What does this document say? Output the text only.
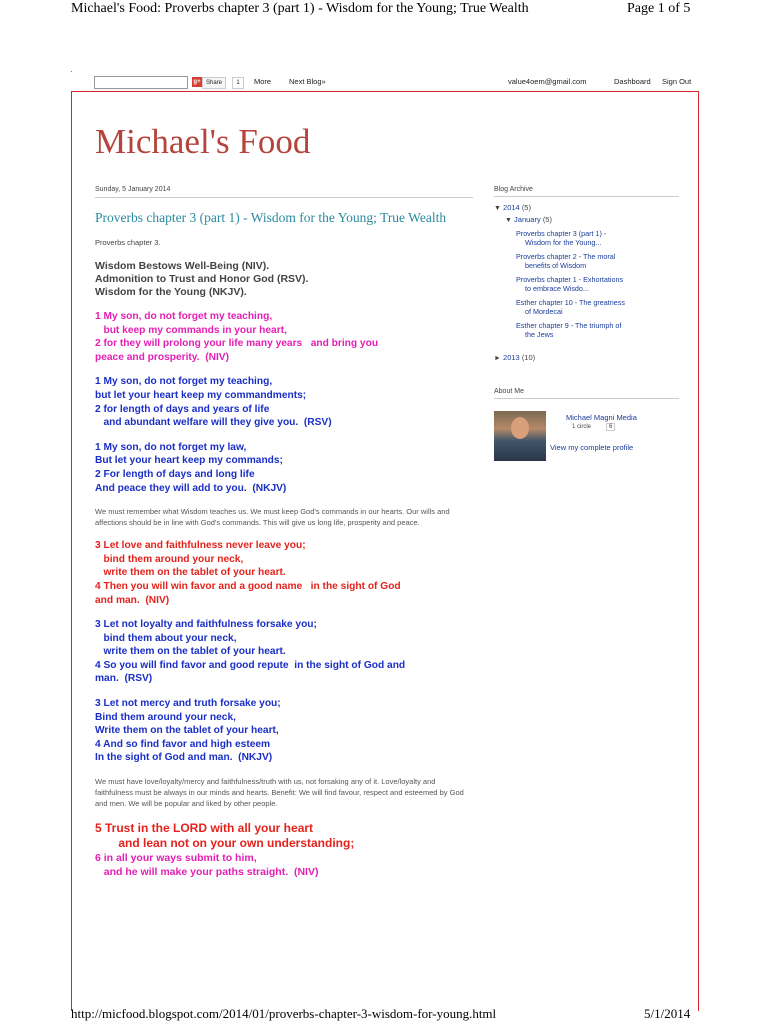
Michael's Food: Proverbs chapter 3 (part 1) - Wisdom for the Young; True Wealth	Page 1 of 5
·
g+ Share	1	More Next Blog»	value4oem@gmail.com	Dashboard Sign Out
Michael's Food
Sunday, 5 January 2014
Proverbs chapter 3 (part 1) - Wisdom for the Young; True Wealth
Proverbs chapter 3.
Wisdom Bestows Well-Being (NIV).
Admonition to Trust and Honor God (RSV).
Wisdom for the Young (NKJV).
1 My son, do not forget my teaching,
but keep my commands in your heart,
2 for they will prolong your life many years   and bring you
peace and prosperity.  (NIV)
1 My son, do not forget my teaching,
but let your heart keep my commandments;
2 for length of days and years of life
and abundant welfare will they give you.  (RSV)
1 My son, do not forget my law,
But let your heart keep my commands;
2 For length of days and long life
And peace they will add to you.  (NKJV)
We must remember what Wisdom teaches us. We must keep God's commands in our hearts. Our wills and affections should be in line with God's commands. This will give us long life, prosperity and peace.
3 Let love and faithfulness never leave you;
bind them around your neck,
write them on the tablet of your heart.
4 Then you will win favor and a good name   in the sight of God
and man.  (NIV)
3 Let not loyalty and faithfulness forsake you;
bind them about your neck,
write them on the tablet of your heart.
4 So you will find favor and good repute  in the sight of God and
man.  (RSV)
3 Let not mercy and truth forsake you;
Bind them around your neck,
Write them on the tablet of your heart,
4 And so find favor and high esteem
In the sight of God and man.  (NKJV)
We must have love/loyalty/mercy and faithfulness/truth with us, not forsaking any of it. Love/loyalty and faithfulness must be always in our minds and hearts. Benefit: We will find favour, respect and esteemed by God and men. We will be popular and liked by other people.
5 Trust in the LORD with all your heart
and lean not on your own understanding;
6 in all your ways submit to him,
and he will make your paths straight.  (NIV)
Blog Archive
▼ 2014 (5)
▼ January (5)
Proverbs chapter 3 (part 1) -
Wisdom for the Young...
Proverbs chapter 2 - The moral
benefits of Wisdom
Proverbs chapter 1 - Exhortations
to embrace Wisdo...
Esther chapter 10 - The greatness
of Mordecai
Esther chapter 9 - The triumph of
the Jews
► 2013 (10)
About Me
Michael Magni Media
1 circle	6
View my complete profile
http://micfood.blogspot.com/2014/01/proverbs-chapter-3-wisdom-for-young.html	5/1/2014
